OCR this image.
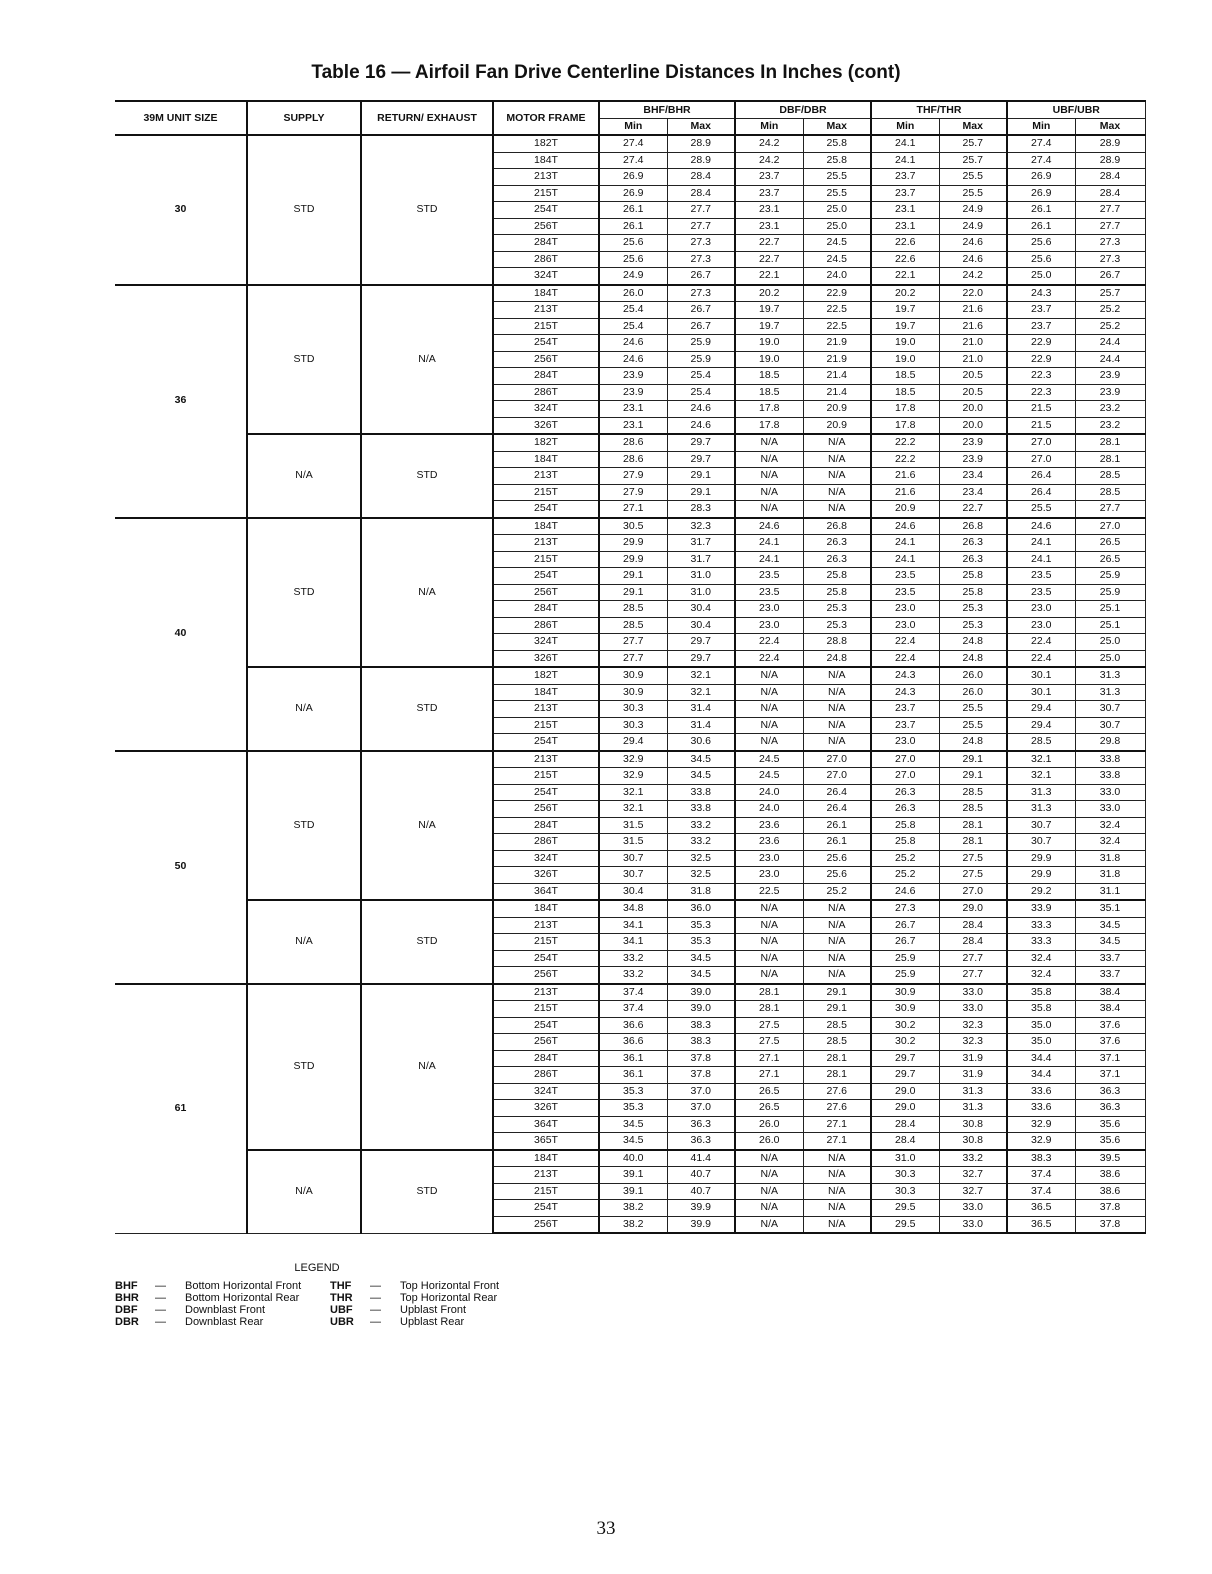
Table 16 — Airfoil Fan Drive Centerline Distances In Inches (cont)
39M UNIT SIZE	SUPPLY	RETURN/ EXHAUST	MOTOR FRAME	BHF/BHR		DBF/DBR		THF/THR		UBF/UBR	
				Min	Max	Min	Max	Min	Max	Min	Max
30	STD	STD	182T	27.4	28.9	24.2	25.8	24.1	25.7	27.4	28.9
			184T	27.4	28.9	24.2	25.8	24.1	25.7	27.4	28.9
			213T	26.9	28.4	23.7	25.5	23.7	25.5	26.9	28.4
			215T	26.9	28.4	23.7	25.5	23.7	25.5	26.9	28.4
			254T	26.1	27.7	23.1	25.0	23.1	24.9	26.1	27.7
			256T	26.1	27.7	23.1	25.0	23.1	24.9	26.1	27.7
			284T	25.6	27.3	22.7	24.5	22.6	24.6	25.6	27.3
			286T	25.6	27.3	22.7	24.5	22.6	24.6	25.6	27.3
			324T	24.9	26.7	22.1	24.0	22.1	24.2	25.0	26.7
36	STD	N/A	184T	26.0	27.3	20.2	22.9	20.2	22.0	24.3	25.7
			213T	25.4	26.7	19.7	22.5	19.7	21.6	23.7	25.2
			215T	25.4	26.7	19.7	22.5	19.7	21.6	23.7	25.2
			254T	24.6	25.9	19.0	21.9	19.0	21.0	22.9	24.4
			256T	24.6	25.9	19.0	21.9	19.0	21.0	22.9	24.4
			284T	23.9	25.4	18.5	21.4	18.5	20.5	22.3	23.9
			286T	23.9	25.4	18.5	21.4	18.5	20.5	22.3	23.9
			324T	23.1	24.6	17.8	20.9	17.8	20.0	21.5	23.2
			326T	23.1	24.6	17.8	20.9	17.8	20.0	21.5	23.2
	N/A	STD	182T	28.6	29.7	N/A	N/A	22.2	23.9	27.0	28.1
			184T	28.6	29.7	N/A	N/A	22.2	23.9	27.0	28.1
			213T	27.9	29.1	N/A	N/A	21.6	23.4	26.4	28.5
			215T	27.9	29.1	N/A	N/A	21.6	23.4	26.4	28.5
			254T	27.1	28.3	N/A	N/A	20.9	22.7	25.5	27.7
40	STD	N/A	184T	30.5	32.3	24.6	26.8	24.6	26.8	24.6	27.0
			213T	29.9	31.7	24.1	26.3	24.1	26.3	24.1	26.5
			215T	29.9	31.7	24.1	26.3	24.1	26.3	24.1	26.5
			254T	29.1	31.0	23.5	25.8	23.5	25.8	23.5	25.9
			256T	29.1	31.0	23.5	25.8	23.5	25.8	23.5	25.9
			284T	28.5	30.4	23.0	25.3	23.0	25.3	23.0	25.1
			286T	28.5	30.4	23.0	25.3	23.0	25.3	23.0	25.1
			324T	27.7	29.7	22.4	28.8	22.4	24.8	22.4	25.0
			326T	27.7	29.7	22.4	24.8	22.4	24.8	22.4	25.0
	N/A	STD	182T	30.9	32.1	N/A	N/A	24.3	26.0	30.1	31.3
			184T	30.9	32.1	N/A	N/A	24.3	26.0	30.1	31.3
			213T	30.3	31.4	N/A	N/A	23.7	25.5	29.4	30.7
			215T	30.3	31.4	N/A	N/A	23.7	25.5	29.4	30.7
			254T	29.4	30.6	N/A	N/A	23.0	24.8	28.5	29.8
50	STD	N/A	213T	32.9	34.5	24.5	27.0	27.0	29.1	32.1	33.8
			215T	32.9	34.5	24.5	27.0	27.0	29.1	32.1	33.8
			254T	32.1	33.8	24.0	26.4	26.3	28.5	31.3	33.0
			256T	32.1	33.8	24.0	26.4	26.3	28.5	31.3	33.0
			284T	31.5	33.2	23.6	26.1	25.8	28.1	30.7	32.4
			286T	31.5	33.2	23.6	26.1	25.8	28.1	30.7	32.4
			324T	30.7	32.5	23.0	25.6	25.2	27.5	29.9	31.8
			326T	30.7	32.5	23.0	25.6	25.2	27.5	29.9	31.8
			364T	30.4	31.8	22.5	25.2	24.6	27.0	29.2	31.1
	N/A	STD	184T	34.8	36.0	N/A	N/A	27.3	29.0	33.9	35.1
			213T	34.1	35.3	N/A	N/A	26.7	28.4	33.3	34.5
			215T	34.1	35.3	N/A	N/A	26.7	28.4	33.3	34.5
			254T	33.2	34.5	N/A	N/A	25.9	27.7	32.4	33.7
			256T	33.2	34.5	N/A	N/A	25.9	27.7	32.4	33.7
61	STD	N/A	213T	37.4	39.0	28.1	29.1	30.9	33.0	35.8	38.4
			215T	37.4	39.0	28.1	29.1	30.9	33.0	35.8	38.4
			254T	36.6	38.3	27.5	28.5	30.2	32.3	35.0	37.6
			256T	36.6	38.3	27.5	28.5	30.2	32.3	35.0	37.6
			284T	36.1	37.8	27.1	28.1	29.7	31.9	34.4	37.1
			286T	36.1	37.8	27.1	28.1	29.7	31.9	34.4	37.1
			324T	35.3	37.0	26.5	27.6	29.0	31.3	33.6	36.3
			326T	35.3	37.0	26.5	27.6	29.0	31.3	33.6	36.3
			364T	34.5	36.3	26.0	27.1	28.4	30.8	32.9	35.6
			365T	34.5	36.3	26.0	27.1	28.4	30.8	32.9	35.6
	N/A	STD	184T	40.0	41.4	N/A	N/A	31.0	33.2	38.3	39.5
			213T	39.1	40.7	N/A	N/A	30.3	32.7	37.4	38.6
			215T	39.1	40.7	N/A	N/A	30.3	32.7	37.4	38.6
			254T	38.2	39.9	N/A	N/A	29.5	33.0	36.5	37.8
			256T	38.2	39.9	N/A	N/A	29.5	33.0	36.5	37.8
LEGEND
BHF — Bottom Horizontal Front
BHR — Bottom Horizontal Rear
DBF — Downblast Front
DBR — Downblast Rear
THF — Top Horizontal Front
THR — Top Horizontal Rear
UBF — Upblast Front
UBR — Upblast Rear
33
